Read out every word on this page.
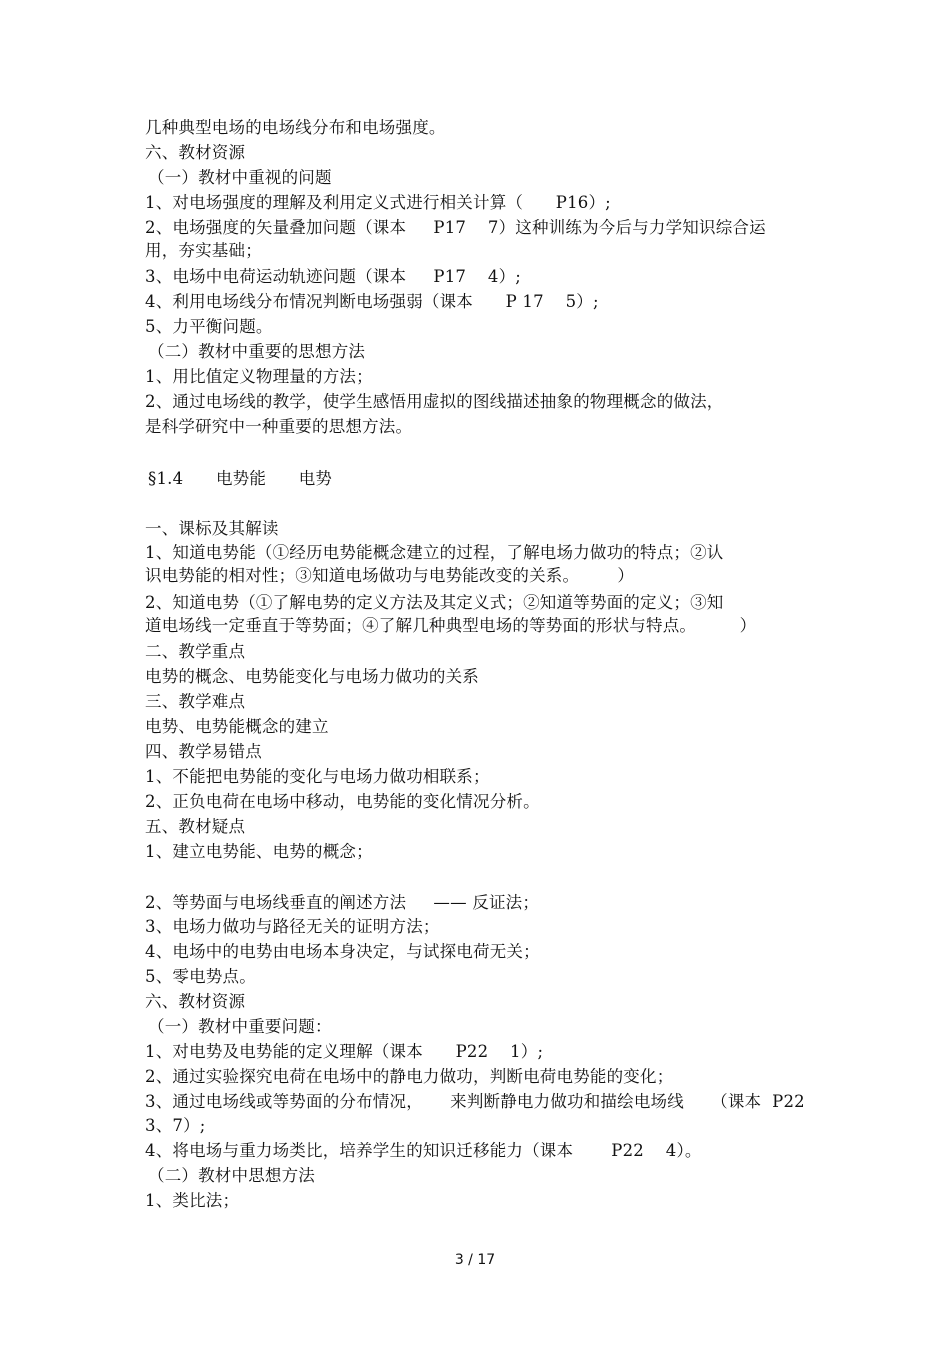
几种典型电场的电场线分布和电场强度。
六、教材资源
（一）教材中重视的问题
1、对电场强度的理解及利用定义式进行相关计算（      P16）;
2、电场强度的矢量叠加问题（课本     P17    7）这种训练为今后与力学知识综合运
用，夯实基础；
3、电场中电荷运动轨迹问题（课本     P17    4）;
4、利用电场线分布情况判断电场强弱（课本      P 17    5）;
5、力平衡问题。
（二）教材中重要的思想方法
1、用比值定义物理量的方法；
2、通过电场线的教学，使学生感悟用虚拟的图线描述抽象的物理概念的做法，
是科学研究中一种重要的思想方法。
§1.4      电势能      电势
一、课标及其解读
1、知道电势能（①经历电势能概念建立的过程，了解电场力做功的特点；②认
识电势能的相对性；③知道电场做功与电势能改变的关系。       ）
2、知道电势（①了解电势的定义方法及其定义式；②知道等势面的定义；③知
道电场线一定垂直于等势面；④了解几种典型电场的等势面的形状与特点。        ）
二、教学重点
电势的概念、电势能变化与电场力做功的关系
三、教学难点
电势、电势能概念的建立
四、教学易错点
1、不能把电势能的变化与电场力做功相联系；
2、正负电荷在电场中移动，电势能的变化情况分析。
五、教材疑点
1、建立电势能、电势的概念；
2、等势面与电场线垂直的阐述方法     —— 反证法；
3、电场力做功与路径无关的证明方法；
4、电场中的电势由电场本身决定，与试探电荷无关；
5、零电势点。
六、教材资源
（一）教材中重要问题：
1、对电势及电势能的定义理解（课本      P22    1）;
2、通过实验探究电荷在电场中的静电力做功，判断电荷电势能的变化；
3、通过电场线或等势面的分布情况，     来判断静电力做功和描绘电场线     （课本  P22
3、7）;
4、将电场与重力场类比，培养学生的知识迁移能力（课本       P22    4）。
（二）教材中思想方法
1、类比法；
3 / 17
